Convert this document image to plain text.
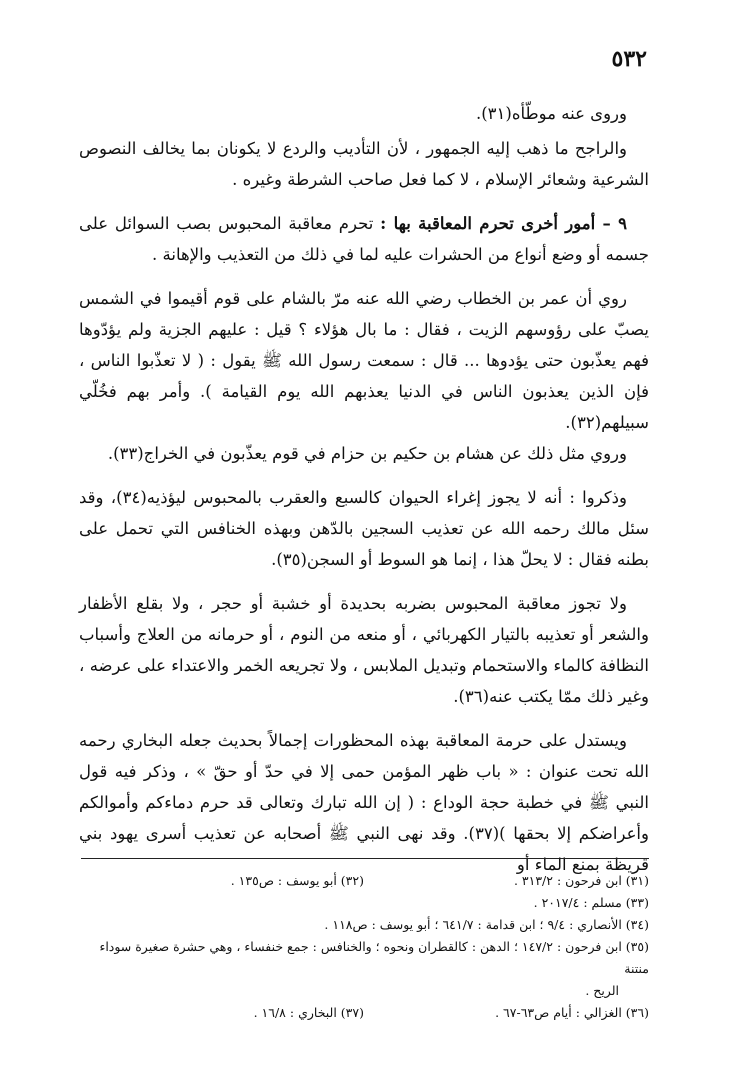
٥٣٢

وروى عنه موطّأه(٣١).

والراجح ما ذهب إليه الجمهور ، لأن التأديب والردع لا يكونان بما يخالف النصوص الشرعية وشعائر الإسلام ، لا كما فعل صاحب الشرطة وغيره .

٩ – أمور أخرى تحرم المعاقبة بها : تحرم معاقبة المحبوس بصب السوائل على جسمه أو وضع أنواع من الحشرات عليه لما في ذلك من التعذيب والإهانة .

روي أن عمر بن الخطاب رضي الله عنه مرّ بالشام على قوم أقيموا في الشمس يصبّ على رؤوسهم الزيت ، فقال : ما بال هؤلاء ؟ قيل : عليهم الجزية ولم يؤدّوها فهم يعذّبون حتى يؤدوها ... قال : سمعت رسول الله ﷺ يقول : ( لا تعذّبوا الناس ، فإن الذين يعذبون الناس في الدنيا يعذبهم الله يوم القيامة ). وأمر بهم فخُلّي سبيلهم(٣٢).

وروي مثل ذلك عن هشام بن حكيم بن حزام في قوم يعذّبون في الخراج(٣٣).

وذكروا : أنه لا يجوز إغراء الحيوان كالسبع والعقرب بالمحبوس ليؤذيه(٣٤)، وقد سئل مالك رحمه الله عن تعذيب السجين بالدّهن وبهذه الخنافس التي تحمل على بطنه فقال : لا يحلّ هذا ، إنما هو السوط أو السجن(٣٥).

ولا تجوز معاقبة المحبوس بضربه بحديدة أو خشبة أو حجر ، ولا بقلع الأظفار والشعر أو تعذيبه بالتيار الكهربائي ، أو منعه من النوم ، أو حرمانه من العلاج وأسباب النظافة كالماء والاستحمام وتبديل الملابس ، ولا تجريعه الخمر والاعتداء على عرضه ، وغير ذلك ممّا يكتب عنه(٣٦).

ويستدل على حرمة المعاقبة بهذه المحظورات إجمالاً بحديث جعله البخاري رحمه الله تحت عنوان : « باب ظهر المؤمن حمى إلا في حدّ أو حقّ » ، وذكر فيه قول النبي ﷺ في خطبة حجة الوداع : ( إن الله تبارك وتعالى قد حرم دماءكم وأموالكم وأعراضكم إلا بحقها )(٣٧). وقد نهى النبي ﷺ أصحابه عن تعذيب أسرى يهود بني قريظة بمنع الماء أو

(٣١) ابن فرحون : ٣١٣/٢ .
(٣٢) أبو يوسف : ص١٣٥ .
(٣٣) مسلم : ٢٠١٧/٤ .
(٣٤) الأنصاري : ٩/٤ ؛ ابن قدامة : ٦٤١/٧ ؛ أبو يوسف : ص١١٨ .
(٣٥) ابن فرحون : ١٤٧/٢ ؛ الدهن : كالقطران ونحوه ؛ والخنافس : جمع خنفساء ، وهي حشرة صغيرة سوداء منتنة
الريح .
(٣٦) الغزالي : أيام ص٦٣-٦٧ .
(٣٧) البخاري : ١٦/٨ .
